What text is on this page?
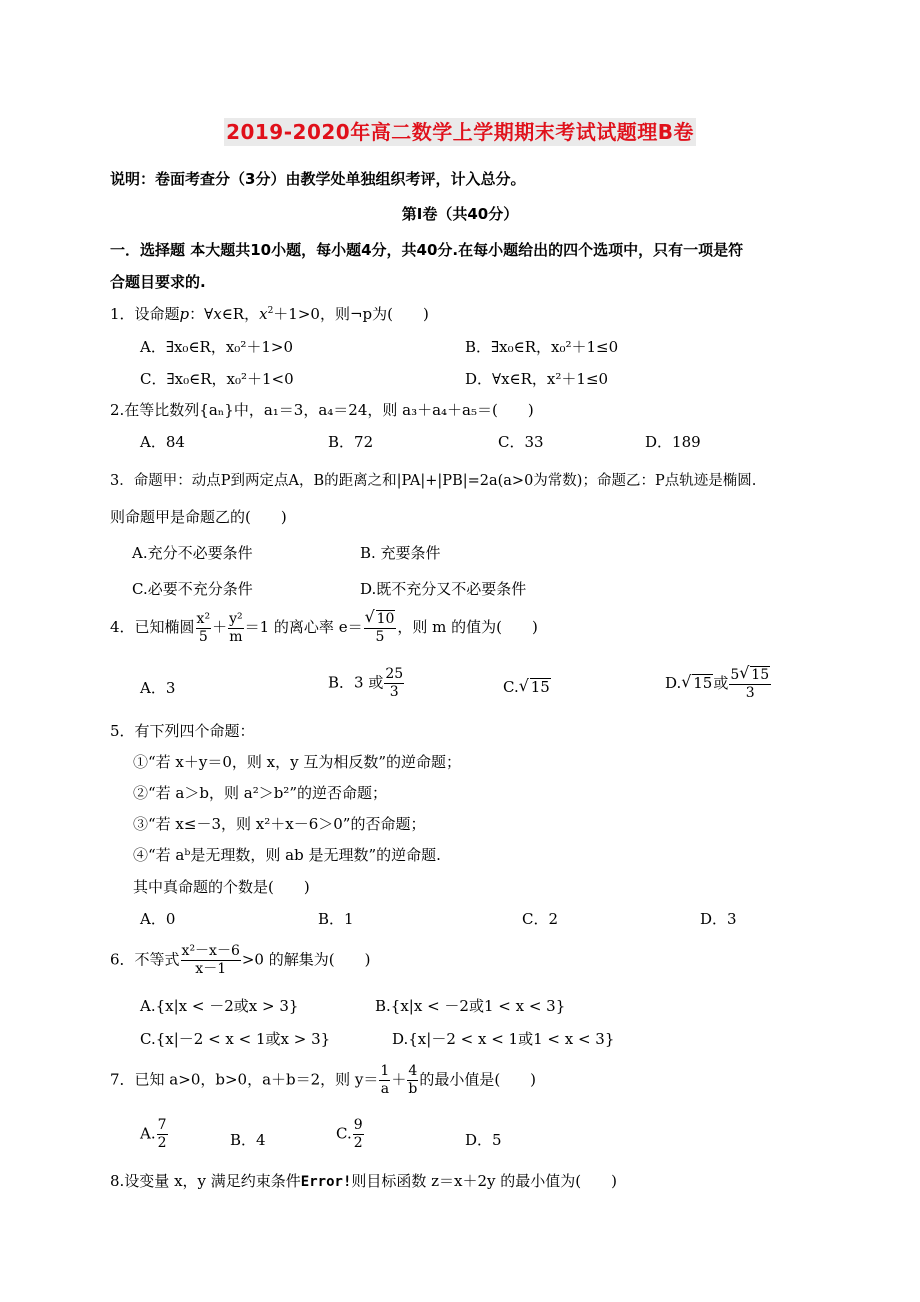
2019-2020年高二数学上学期期末考试试题理B卷
说明：卷面考查分（3分）由教学处单独组织考评，计入总分。
第Ⅰ卷（共40分）
一．选择题 本大题共10小题，每小题4分，共40分.在每小题给出的四个选项中，只有一项是符
合题目要求的.
1．设命题p：∀x∈R，$x^2+1>0$，则¬p为(　　)
A．∃x₀∈R，x₀²＋1>0	B．∃x₀∈R，x₀²＋1≤0
C．∃x₀∈R，x₀²＋1<0	D．∀x∈R，x²＋1≤0
2.在等比数列{aₙ}中，a₁＝3，a₄＝24，则 a₃＋a₄＋a₅＝(　　)
A．84	B．72	C．33	D．189
3．命题甲：动点P到两定点A，B的距离之和|PA|+|PB|=2a(a>0为常数)；命题乙：P点轨迹是椭圆.
则命题甲是命题乙的(　　)
A.充分不必要条件	B. 充要条件
C.必要不充分条件	D.既不充分又不必要条件
4．已知椭圆 $\frac{\text{x²}}{5} + \frac{\text{y²}}{m} =1$ 的离心率 $e= \frac{√ 10}{5}$ ，则 m 的值为(　　)
A．3	B．3 或 $\frac{25}{3}$	C. √ 15	D. √ 15或 $\frac{5 √ 15}{3}$
5．有下列四个命题：
①“若 x＋y＝0，则 x，y 互为相反数”的逆命题；
②“若 a＞b，则 a²＞b²”的逆否命题；
③“若 x≤－3，则 x²＋x－6＞0”的否命题；
④“若 aᵇ是无理数，则 ab 是无理数”的逆命题.
其中真命题的个数是(　　)
A．0	B．1	C．2	D．3
6．不等式 $\frac{\text{x²－x－6}}{x-1} >0$ 的解集为(　　)
A.{x|x < －2或x > 3}	B.{x|x < －2或1 < x < 3}
C.{x|－2 < x < 1或x > 3}	D.{x|－2 < x < 1或1 < x < 3}
7．已知 a>0，b>0，a＋b＝2，则 $y= \frac{1}{a} + \frac{4}{b}$ 的最小值是(　　)
A. $\frac{7}{2}$	B．4	C. $\frac{9}{2}$	D．5
8.设变量 x，y 满足约束条件Error!则目标函数 z＝x＋2y 的最小值为(　　)
